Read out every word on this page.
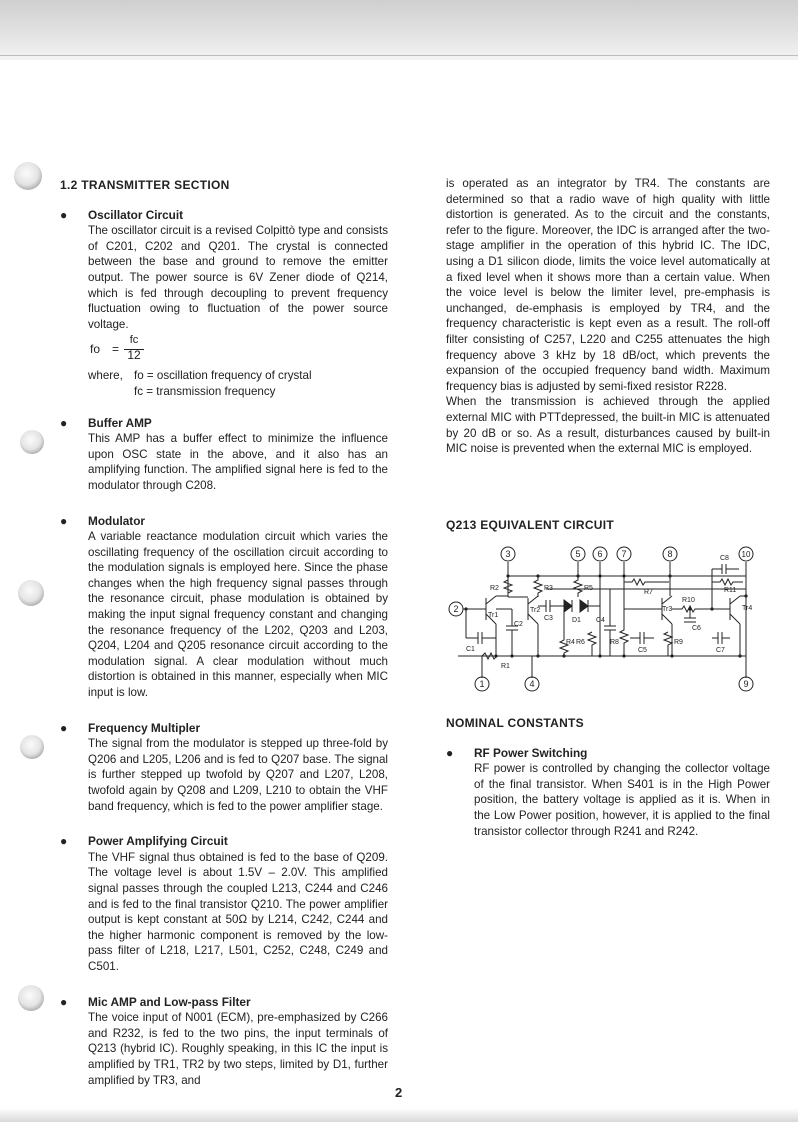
1.2 TRANSMITTER SECTION
● Oscillator Circuit

The oscillator circuit is a revised Colpittò type and consists of C201, C202 and Q201. The crystal is connected between the base and ground to remove the emitter output. The power source is 6V Zener diode of Q214, which is fed through decoupling to prevent frequency fluctuation owing to fluctuation of the power source voltage.

fo =
fc
12
where, fo = oscillation frequency of crystal
fc = transmission frequency
● Buffer AMP

This AMP has a buffer effect to minimize the influence upon OSC state in the above, and it also has an amplifying function. The amplified signal here is fed to the modulator through C208.

● Modulator

A variable reactance modulation circuit which varies the oscillating frequency of the oscillation circuit according to the modulation signals is employed here. Since the phase changes when the high frequency signal passes through the resonance circuit, phase modulation is obtained by making the input signal frequency constant and changing the resonance frequency of the L202, Q203 and L203, Q204, L204 and Q205 resonance circuit according to the modulation signal. A clear modulation without much distortion is obtained in this manner, especially when MIC input is low.

● Frequency Multipler

The signal from the modulator is stepped up three-fold by Q206 and L205, L206 and is fed to Q207 base. The signal is further stepped up twofold by Q207 and L207, L208, twofold again by Q208 and L209, L210 to obtain the VHF band frequency, which is fed to the power amplifier stage.

● Power Amplifying Circuit

The VHF signal thus obtained is fed to the base of Q209. The voltage level is about 1.5V – 2.0V. This amplified signal passes through the coupled L213, C244 and C246 and is fed to the final transistor Q210. The power amplifier output is kept constant at 50Ω by L214, C242, C244 and the higher harmonic component is removed by the low-pass filter of L218, L217, L501, C252, C248, C249 and C501.

● Mic AMP and Low-pass Filter

The voice input of N001 (ECM), pre-emphasized by C266 and R232, is fed to the two pins, the input terminals of Q213 (hybrid IC). Roughly speaking, in this IC the input is amplified by TR1, TR2 by two steps, limited by D1, further amplified by TR3, and

is operated as an integrator by TR4. The constants are determined so that a radio wave of high quality with little distortion is generated. As to the circuit and the constants, refer to the figure. Moreover, the IDC is arranged after the two-stage amplifier in the operation of this hybrid IC. The IDC, using a D1 silicon diode, limits the voice level automatically at a fixed level when it shows more than a certain value. When the voice level is below the limiter level, pre-emphasis is unchanged, de-emphasis is employed by TR4, and the frequency characteristic is kept even as a result. The roll-off filter consisting of C257, L220 and C255 attenuates the high frequency above 3 kHz by 18 dB/oct, which prevents the expansion of the occupied frequency band width. Maximum frequency bias is adjusted by semi-fixed resistor R228.

When the transmission is achieved through the applied external MIC with PTTdepressed, the built-in MIC is attenuated by 20 dB or so. As a result, disturbances caused by built-in MIC noise is prevented when the external MIC is employed.

Q213 EQUIVALENT CIRCUIT
3	5 6 7	8	10
2
1	4	9
Tr1
C1
R1
R2
Tr2
C2
R3
C3
R5
D1
R4 R6
C4
R8
R7
Tr3
C5
R9
R10
C6
Tr4
C7
C8
R11
NOMINAL CONSTANTS
● RF Power Switching

RF power is controlled by changing the collector voltage of the final transistor. When S401 is in the High Power position, the battery voltage is applied as it is. When in the Low Power position, however, it is applied to the final transistor collector through R241 and R242.

2
